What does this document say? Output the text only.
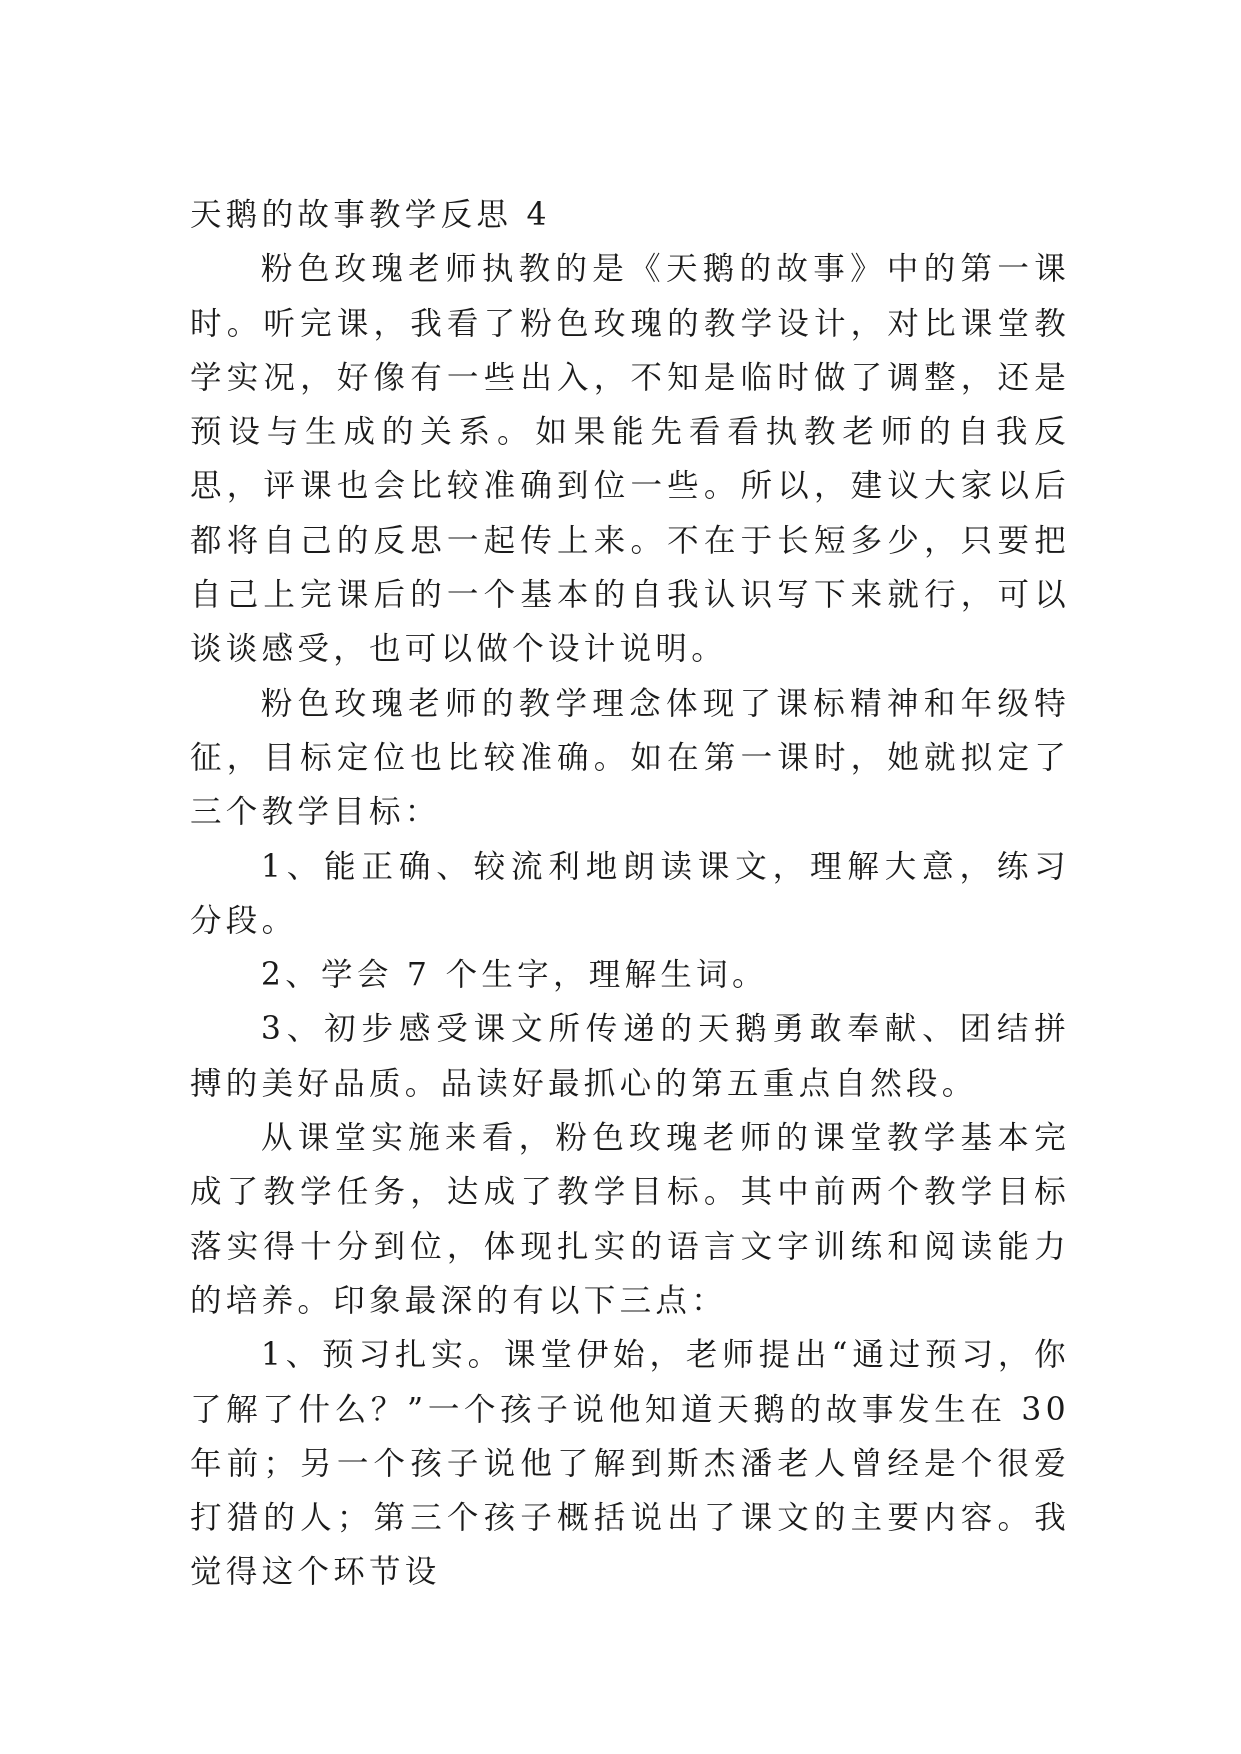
天鹅的故事教学反思 4

粉色玫瑰老师执教的是《天鹅的故事》中的第一课时。听完课，我看了粉色玫瑰的教学设计，对比课堂教学实况，好像有一些出入，不知是临时做了调整，还是预设与生成的关系。如果能先看看执教老师的自我反思，评课也会比较准确到位一些。所以，建议大家以后都将自己的反思一起传上来。不在于长短多少，只要把自己上完课后的一个基本的自我认识写下来就行，可以谈谈感受，也可以做个设计说明。

粉色玫瑰老师的教学理念体现了课标精神和年级特征，目标定位也比较准确。如在第一课时，她就拟定了三个教学目标：

1、能正确、较流利地朗读课文，理解大意，练习分段。

2、学会 7 个生字，理解生词。

3、初步感受课文所传递的天鹅勇敢奉献、团结拼搏的美好品质。品读好最抓心的第五重点自然段。

从课堂实施来看，粉色玫瑰老师的课堂教学基本完成了教学任务，达成了教学目标。其中前两个教学目标落实得十分到位，体现扎实的语言文字训练和阅读能力的培养。印象最深的有以下三点：

1、预习扎实。课堂伊始，老师提出“通过预习，你了解了什么？”一个孩子说他知道天鹅的故事发生在 30 年前；另一个孩子说他了解到斯杰潘老人曾经是个很爱打猎的人；第三个孩子概括说出了课文的主要内容。我觉得这个环节设
